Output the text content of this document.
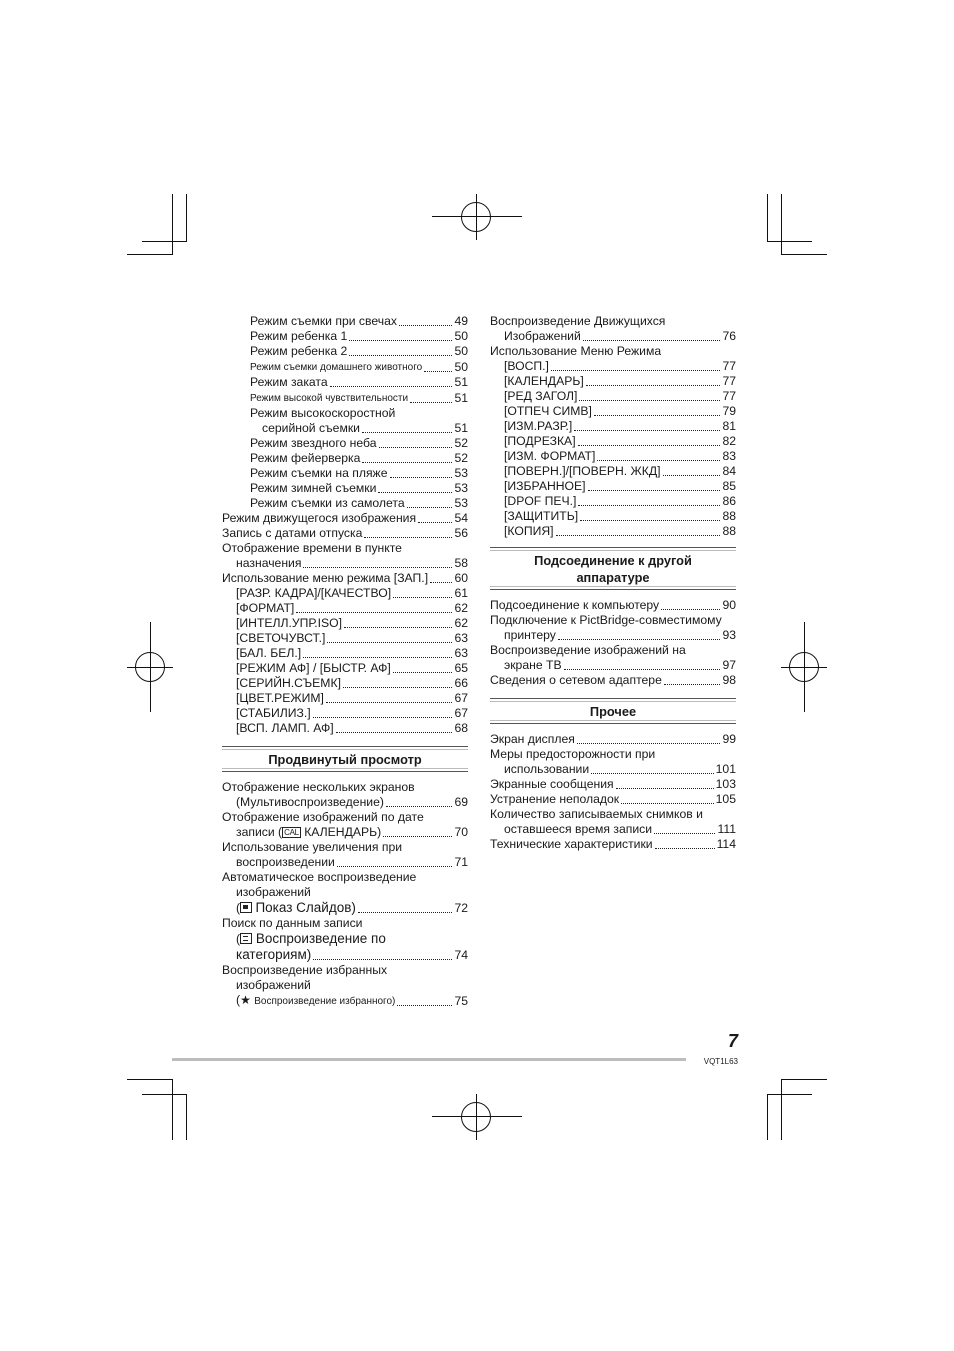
Режим съемки при свечах	49
Режим ребенка 1	50
Режим ребенка 2	50
Режим съемки домашнего животного	50
Режим заката	51
Режим высокой чувствительности	51
Режим высокоскоростной
серийной съемки	51
Режим звездного неба	52
Режим фейерверка	52
Режим съемки на пляже	53
Режим зимней съемки	53
Режим съемки из самолета	53
Режим движущегося изображения	54
Запись с датами отпуска	56
Отображение времени в пункте
назначения	58
Использование меню режима [ЗАП.] 60
[РАЗР. КАДРА]/[КАЧЕСТВО]	61
[ФОРМАТ]	62
[ИНТЕЛЛ.УПР.ISO]	62
[СВЕТОЧУВСТ.]	63
[БАЛ. БЕЛ.]	63
[РЕЖИМ АФ] / [БЫСТР. АФ]	65
[СЕРИЙН.СЪЕМК]	66
[ЦВЕТ.РЕЖИМ]	67
[СТАБИЛИЗ.]	67
[ВСП. ЛАМП. АФ]	68
Продвинутый просмотр
Отображение нескольких экранов
(Мультивоспроизведение)	69
Отображение изображений по дате
записи ( CAL КАЛЕНДАРЬ)	70
Использование увеличения при
воспроизведении	71
Автоматическое воспроизведение
изображений
( Показ Слайдов)	72
Поиск по данным записи
( Воспроизведение по
категориям)	74
Воспроизведение избранных
изображений
(★ Воспроизведение избранного)	75
Воспроизведение Движущихся
Изображений	76
Использование Меню Режима
[ВОСП.]	77
[КАЛЕНДАРЬ]	77
[РЕД ЗАГОЛ]	77
[ОТПЕЧ СИМВ]	79
[ИЗМ.РАЗР.]	81
[ПОДРЕЗКА]	82
[ИЗМ. ФОРМАТ]	83
[ПОВЕРН.]/[ПОВЕРН. ЖКД]	84
[ИЗБРАННОЕ]	85
[DPOF ПЕЧ.]	86
[ЗАЩИТИТЬ]	88
[КОПИЯ]	88
Подсоединение к другой
аппаратуре
Подсоединение к компьютеру	90
Подключение к PictBridge-совместимому
принтеру	93
Воспроизведение изображений на
экране ТВ	97
Сведения о сетевом адаптере	98
Прочее
Экран дисплея	99
Меры предосторожности при
использовании	101
Экранные сообщения	103
Устранение неполадок	105
Количество записываемых снимков и
оставшееся время записи	111
Технические характеристики	114
7
VQT1L63
